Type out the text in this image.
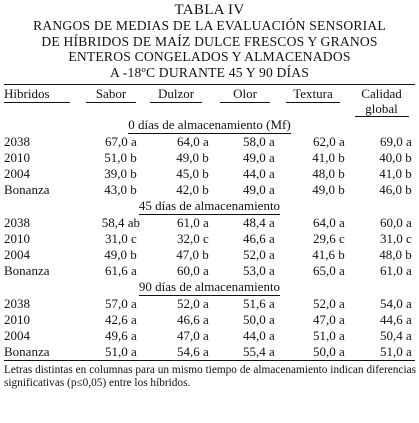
TABLA IV
RANGOS DE MEDIAS DE LA EVALUACIÓN SENSORIAL
DE HÍBRIDOS DE MAÍZ DULCE FRESCOS Y GRANOS
ENTEROS CONGELADOS Y ALMACENADOS
A -18ºC DURANTE 45 Y 90 DÍAS
Híbridos	Sabor	Dulzor	Olor	Textura	Calidad
					global
0 días de almacenamiento (Mf)					
2038	67,0 a	64,0 a	58,0 a	62,0 a	69,0 a
2010	51,0 b	49,0 b	49,0 a	41,0 b	40,0 b
2004	39,0 b	45,0 b	44,0 a	48,0 b	41,0 b
Bonanza	43,0 b	42,0 b	49,0 a	49,0 b	46,0 b
45 días de almacenamiento					
2038	58,4 ab	61,0 a	48,4 a	64,0 a	60,0 a
2010	31,0 c	32,0 c	46,6 a	29,6 c	31,0 c
2004	49,0 b	47,0 b	52,0 a	41,6 b	48,0 b
Bonanza	61,6 a	60,0 a	53,0 a	65,0 a	61,0 a
90 días de almacenamiento					
2038	57,0 a	52,0 a	51,6 a	52,0 a	54,0 a
2010	42,6 a	46,6 a	50,0 a	47,0 a	44,6 a
2004	49,6 a	47,0 a	44,0 a	51,0 a	50,4 a
Bonanza	51,0 a	54,6 a	55,4 a	50,0 a	51,0 a
Letras distintas en columnas para un mismo tiempo de almacenamiento indican diferencias significativas (p≤0,05) entre los híbridos.
